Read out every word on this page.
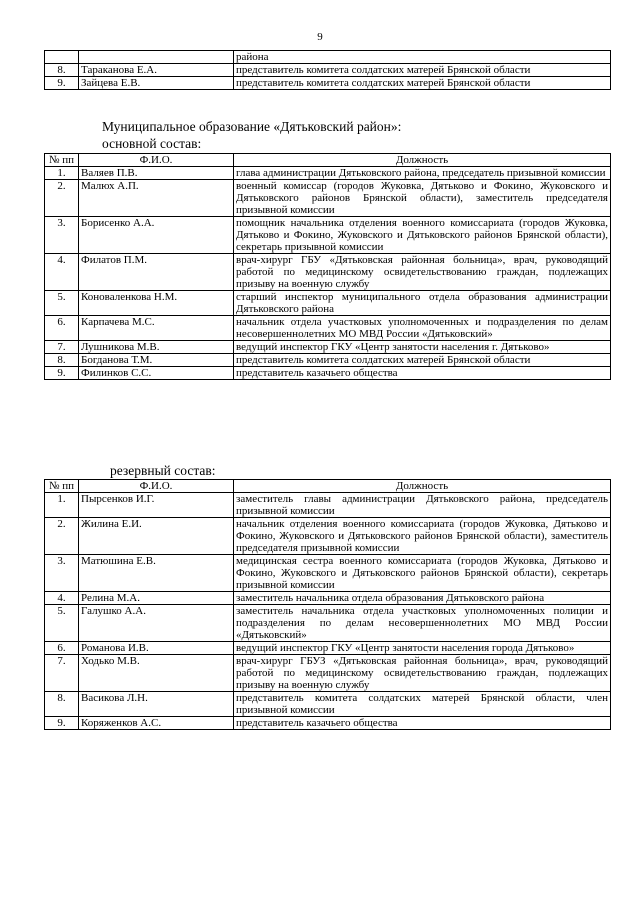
9
		района
8.	Тараканова Е.А.	представитель комитета солдатских матерей Брянской области
9.	Зайцева Е.В.	представитель комитета солдатских матерей Брянской области
Муниципальное образование «Дятьковский район»:
основной состав:
№ пп	Ф.И.О.	Должность
1.	Валяев П.В.	глава администрации Дятьковского района, председатель призывной комиссии
2.	Малюх А.П.	военный комиссар (городов Жуковка, Дятьково и Фокино, Жуковского и Дятьковского районов Брянской области), заместитель председателя призывной комиссии
3.	Борисенко А.А.	помощник начальника отделения военного комиссариата (городов Жуковка, Дятьково и Фокино, Жуковского и Дятьковского районов Брянской области), секретарь призывной комиссии
4.	Филатов П.М.	врач-хирург ГБУ «Дятьковская районная больница», врач, руководящий работой по медицинскому освидетельствованию граждан, подлежащих призыву на военную службу
5.	Коноваленкова Н.М.	старший инспектор муниципального отдела образования администрации Дятьковского района
6.	Карпачева М.С.	начальник отдела участковых уполномоченных и подразделения по делам несовершеннолетних МО МВД России «Дятьковский»
7.	Лушникова М.В.	ведущий инспектор ГКУ «Центр занятости населения г. Дятьково»
8.	Богданова Т.М.	представитель комитета солдатских матерей Брянской области
9.	Филинков С.С.	представитель казачьего общества
резервный состав:
№ пп	Ф.И.О.	Должность
1.	Пырсенков И.Г.	заместитель главы администрации Дятьковского района, председатель призывной комиссии
2.	Жилина Е.И.	начальник отделения военного комиссариата (городов Жуковка, Дятьково и Фокино, Жуковского и Дятьковского районов Брянской области), заместитель председателя призывной комиссии
3.	Матюшина Е.В.	медицинская сестра военного комиссариата (городов Жуковка, Дятьково и Фокино, Жуковского и Дятьковского районов Брянской области), секретарь призывной комиссии
4.	Релина М.А.	заместитель начальника отдела образования Дятьковского района
5.	Галушко А.А.	заместитель начальника отдела участковых уполномоченных полиции и подразделения по делам несовершеннолетних МО МВД России «Дятьковский»
6.	Романова И.В.	ведущий инспектор ГКУ «Центр занятости населения города Дятьково»
7.	Ходько М.В.	врач-хирург ГБУЗ «Дятьковская районная больница», врач, руководящий работой по медицинскому освидетельствованию граждан, подлежащих призыву на военную службу
8.	Васикова Л.Н.	представитель комитета солдатских матерей Брянской области, член призывной комиссии
9.	Коряженков А.С.	представитель казачьего общества
